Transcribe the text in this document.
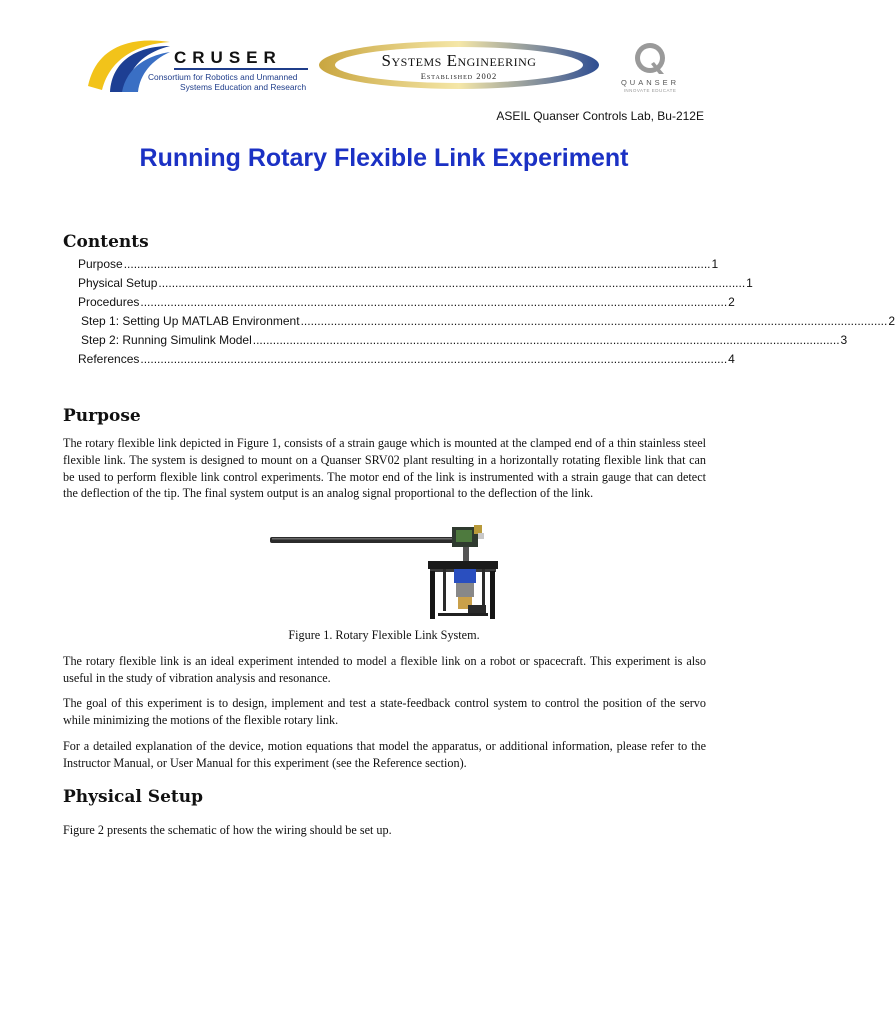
CRUSER
Consortium for Robotics and Unmanned
Systems Education and Research
Systems Engineering
Established 2002
QUANSER
INNOVATE EDUCATE
ASEIL Quanser Controls Lab, Bu-212E
Running Rotary Flexible Link Experiment
Contents
Purpose ................................................................................................................................................................................ 1
Physical Setup ................................................................................................................................................................................ 1
Procedures ................................................................................................................................................................................ 2
Step 1: Setting Up MATLAB Environment ................................................................................................................................................................................ 2
Step 2: Running Simulink Model ................................................................................................................................................................................ 3
References ................................................................................................................................................................................ 4
Purpose
The rotary flexible link depicted in Figure 1, consists of a strain gauge which is mounted at the clamped end of a thin stainless steel flexible link. The system is designed to mount on a Quanser SRV02 plant resulting in a horizontally rotating flexible link that can be used to perform flexible link control experiments. The motor end of the link is instrumented with a strain gauge that can detect the deflection of the tip. The final system output is an analog signal proportional to the deflection of the link.
Figure 1. Rotary Flexible Link System.
The rotary flexible link is an ideal experiment intended to model a flexible link on a robot or spacecraft. This experiment is also useful in the study of vibration analysis and resonance.
The goal of this experiment is to design, implement and test a state-feedback control system to control the position of the servo while minimizing the motions of the flexible rotary link.
For a detailed explanation of the device, motion equations that model the apparatus, or additional information, please refer to the Instructor Manual, or User Manual for this experiment (see the Reference section).
Physical Setup
Figure 2 presents the schematic of how the wiring should be set up.
